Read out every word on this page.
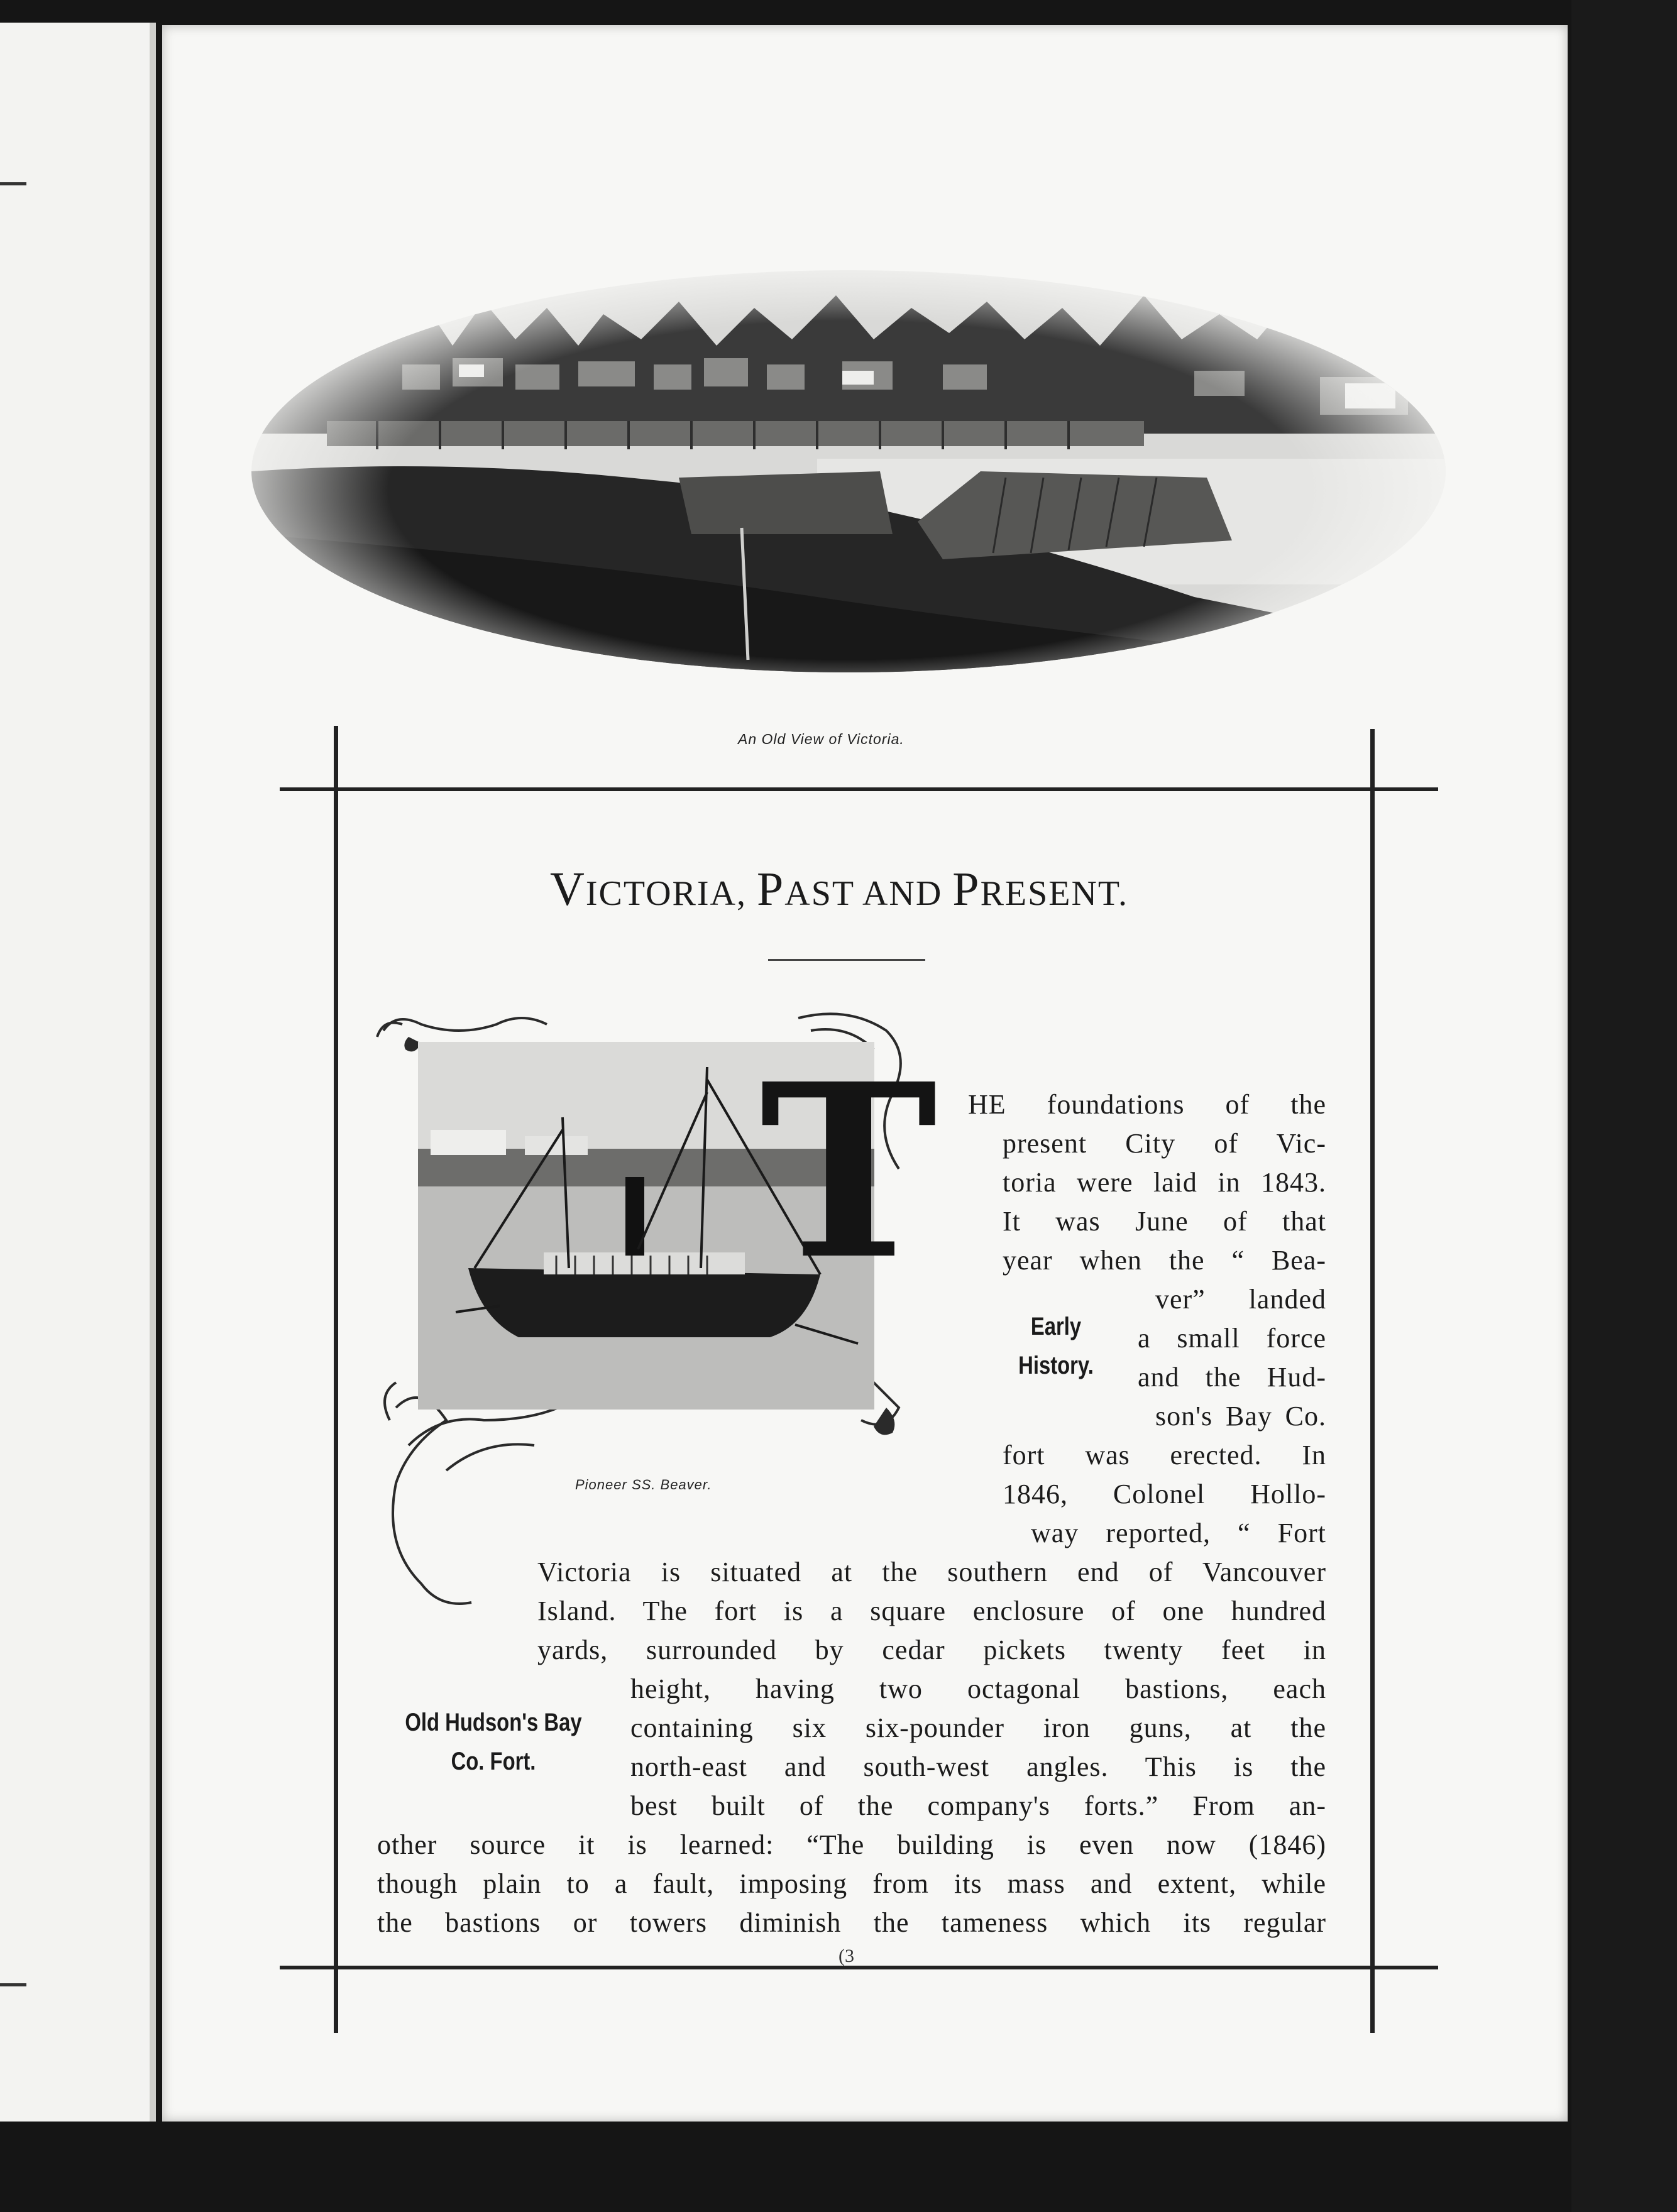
An Old View of Victoria.
VICTORIA, PAST AND PRESENT.
Pioneer SS. Beaver.
T
Early
History.
Old Hudson's Bay
Co. Fort.
HE foundations of the
present City of Vic-
toria were laid in 1843.
It was June of that
year when the “ Bea-
ver” landed
a small force
and the Hud-
son's Bay Co.
fort was erected. In
1846, Colonel Hollo-
way reported, “ Fort
Victoria is situated at the southern end of Vancouver
Island. The fort is a square enclosure of one hundred
yards, surrounded by cedar pickets twenty feet in
height, having two octagonal bastions, each
containing six six-pounder iron guns, at the
north-east and south-west angles. This is the
best built of the company's forts.” From an-
other source it is learned: “The building is even now (1846)
though plain to a fault, imposing from its mass and extent, while
the bastions or towers diminish the tameness which its regular
(3
